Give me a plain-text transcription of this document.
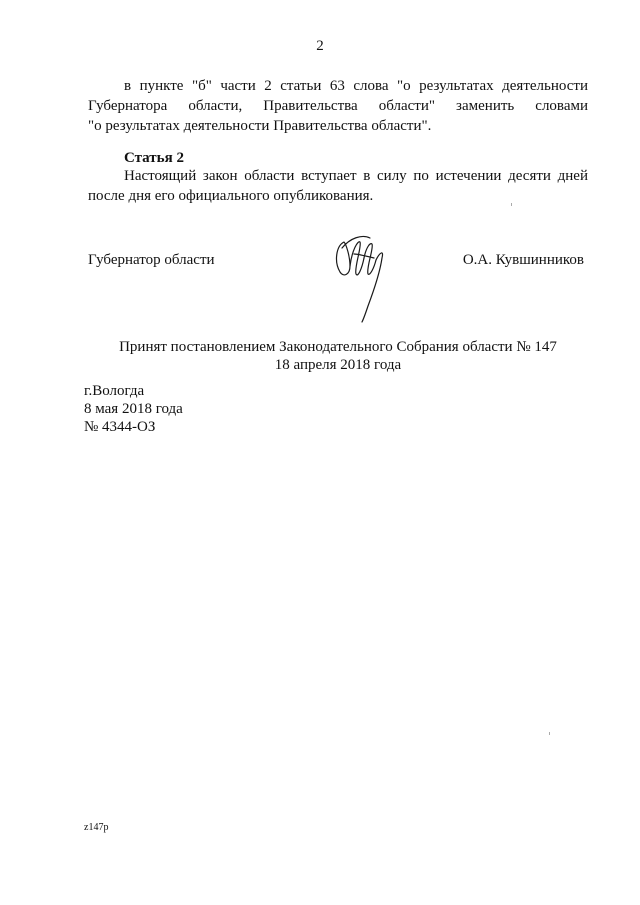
2
в пункте "б" части 2 статьи 63 слова "о результатах деятельности
Губернатора области, Правительства области" заменить словами
"о результатах деятельности Правительства области".
Статья 2
Настоящий закон области вступает в силу по истечении десяти дней
после дня его официального опубликования.
Губернатор области	О.А. Кувшинников
Принят постановлением Законодательного Собрания области № 147
18 апреля 2018 года
г.Вологда
8 мая 2018 года
№ 4344-ОЗ
z147p
